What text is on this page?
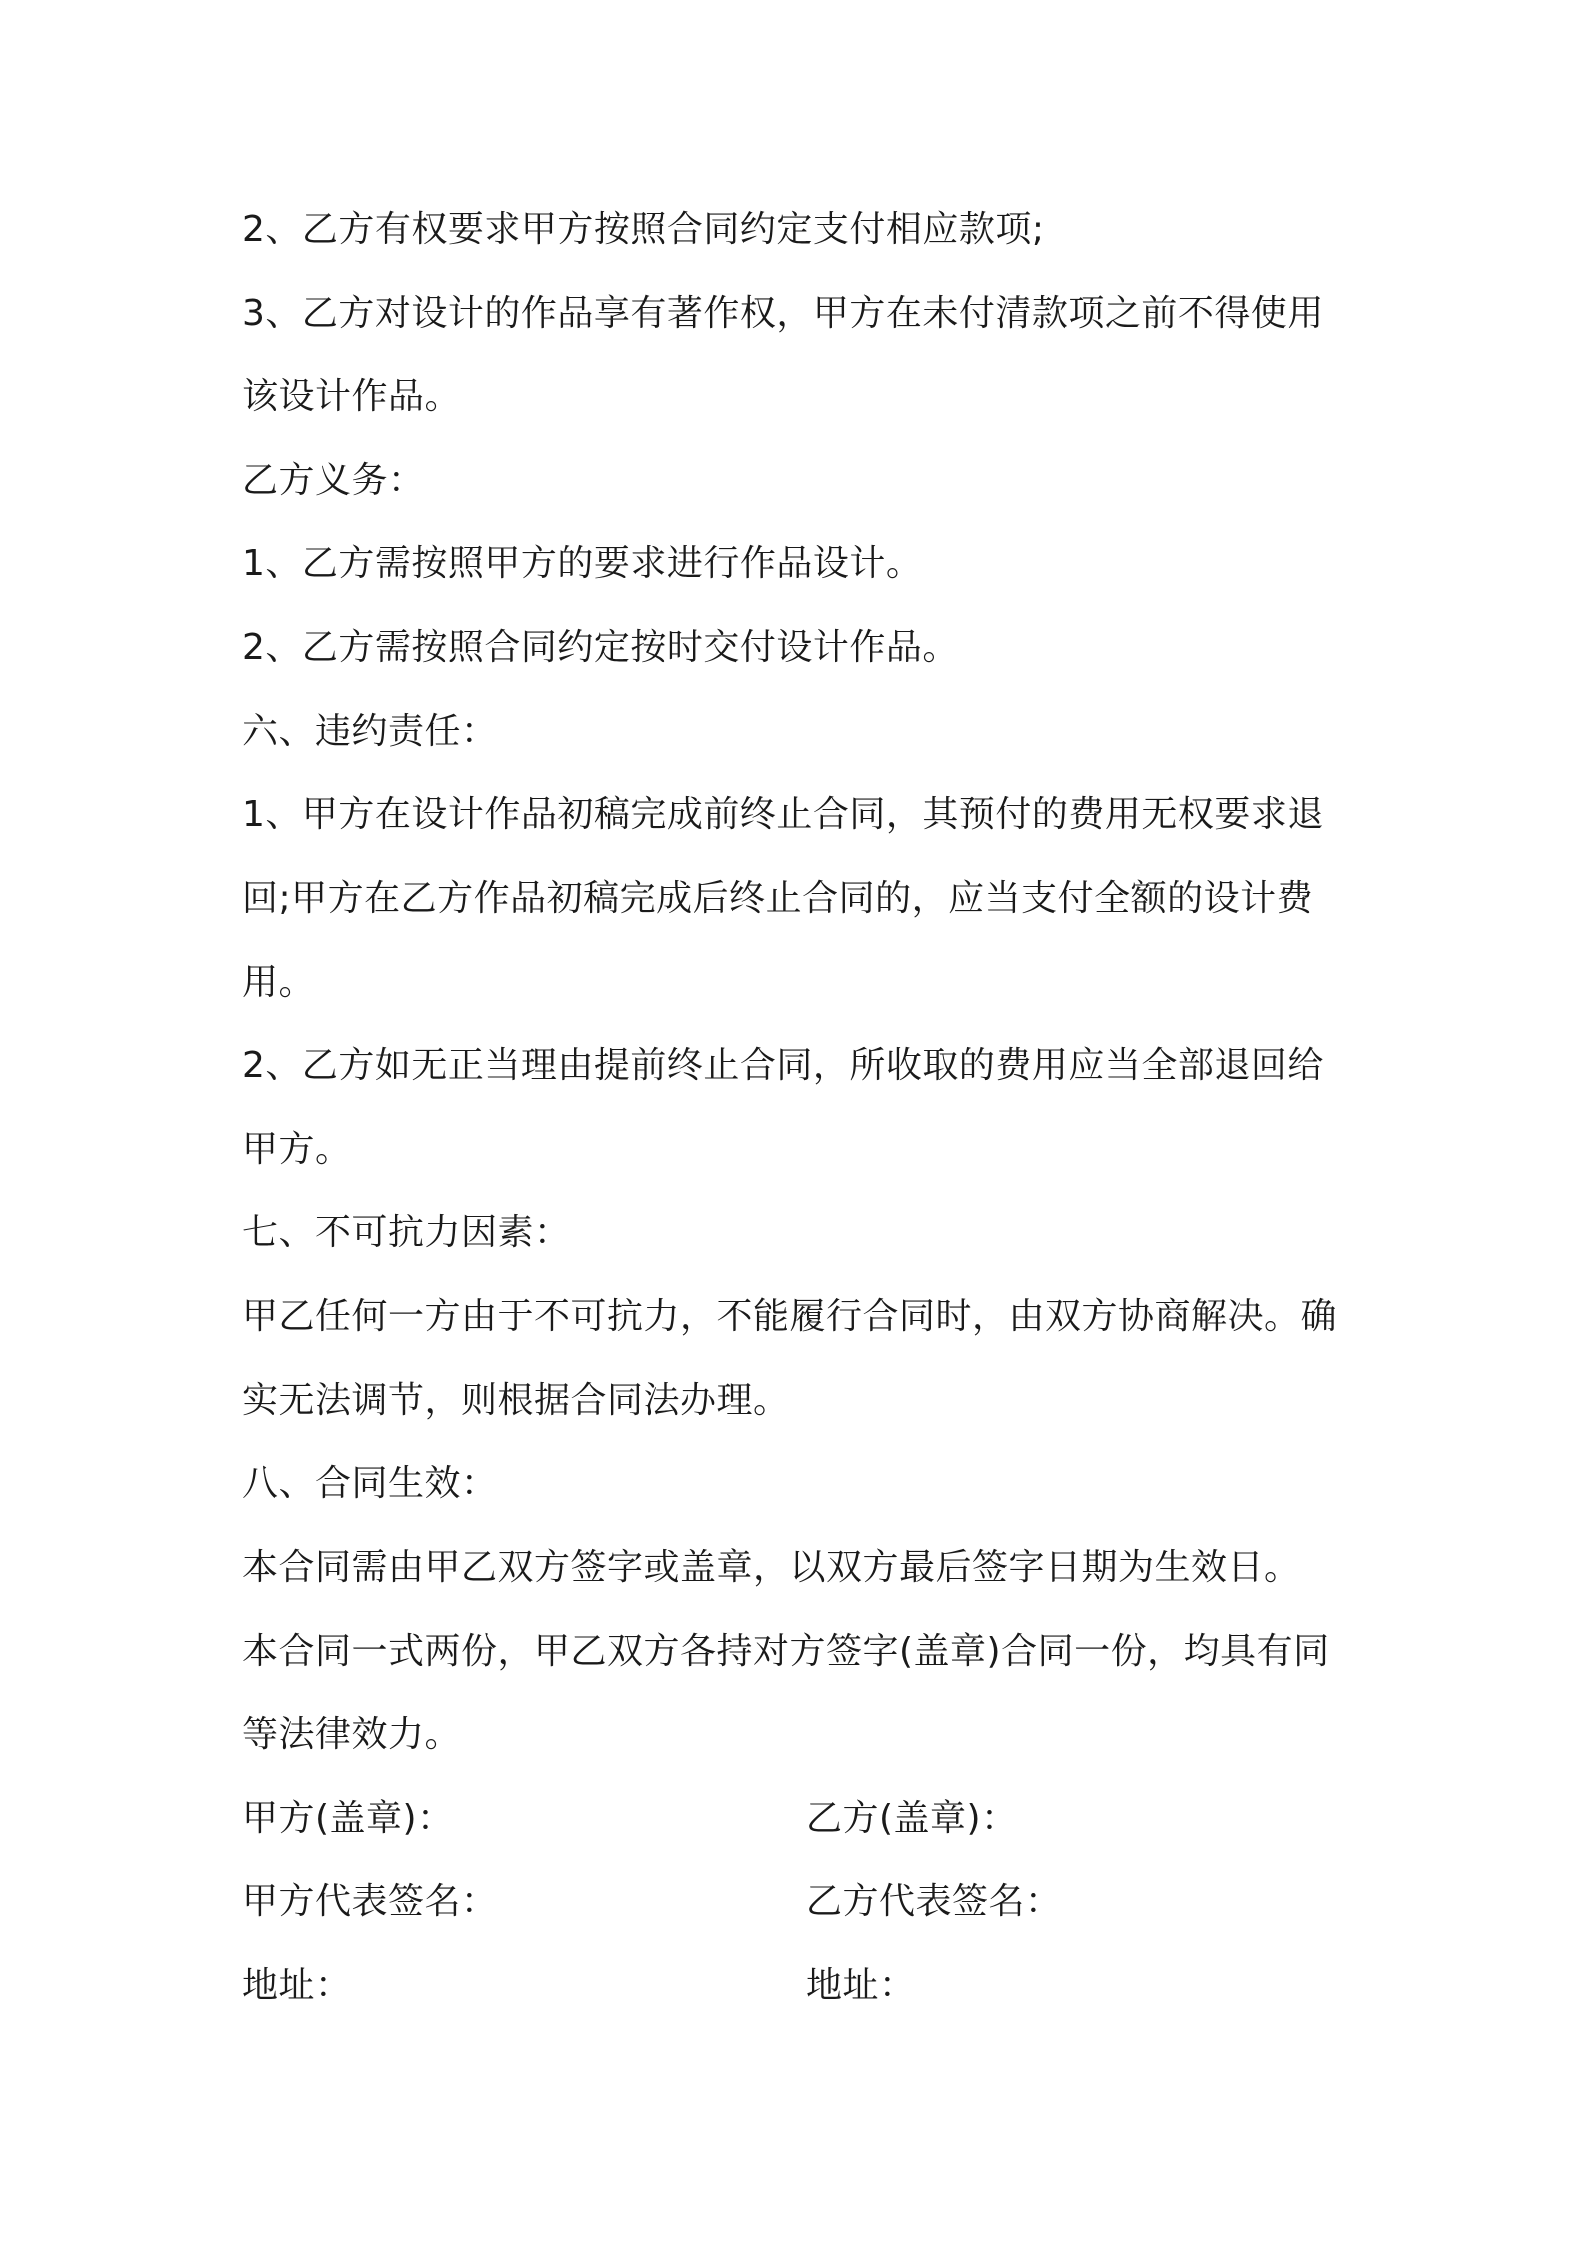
2、乙方有权要求甲方按照合同约定支付相应款项;
3、乙方对设计的作品享有著作权，甲方在未付清款项之前不得使用
该设计作品。
乙方义务：
1、乙方需按照甲方的要求进行作品设计。
2、乙方需按照合同约定按时交付设计作品。
六、违约责任：
1、甲方在设计作品初稿完成前终止合同，其预付的费用无权要求退
回;甲方在乙方作品初稿完成后终止合同的，应当支付全额的设计费
用。
2、乙方如无正当理由提前终止合同，所收取的费用应当全部退回给
甲方。
七、不可抗力因素：
甲乙任何一方由于不可抗力，不能履行合同时，由双方协商解决。确
实无法调节，则根据合同法办理。
八、合同生效：
本合同需由甲乙双方签字或盖章，以双方最后签字日期为生效日。
本合同一式两份，甲乙双方各持对方签字(盖章)合同一份，均具有同
等法律效力。
甲方(盖章)：	乙方(盖章)：
甲方代表签名：	乙方代表签名：
地址：	地址：
